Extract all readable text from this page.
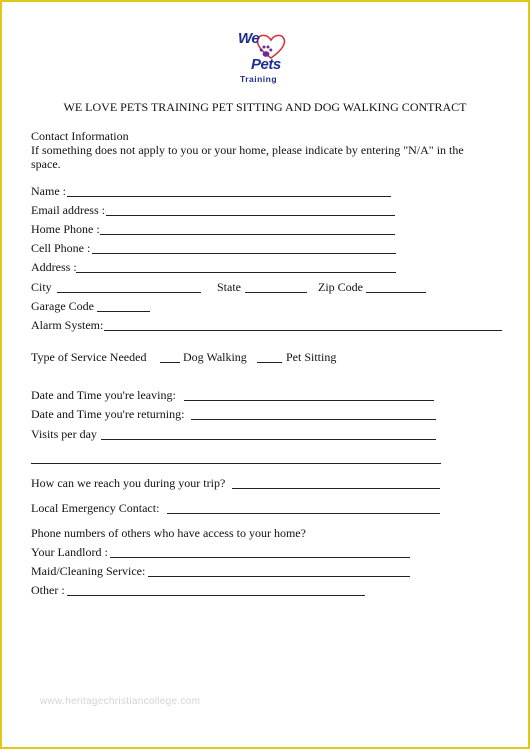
We
Pets
Training
WE LOVE PETS TRAINING PET SITTING AND DOG WALKING CONTRACT
Contact Information
If something does not apply to you or your home, please indicate by entering "N/A" in the
space.
Name :
Email address :
Home Phone :
Cell Phone :
Address :
City	State	Zip Code
Garage Code
Alarm System:
Type of Service Needed	Dog Walking	Pet Sitting
Date and Time you're leaving:
Date and Time you're returning:
Visits per day
How can we reach you during your trip?
Local Emergency Contact:
Phone numbers of others who have access to your home?
Your Landlord :
Maid/Cleaning Service:
Other :
www.heritagechristiancollege.com
